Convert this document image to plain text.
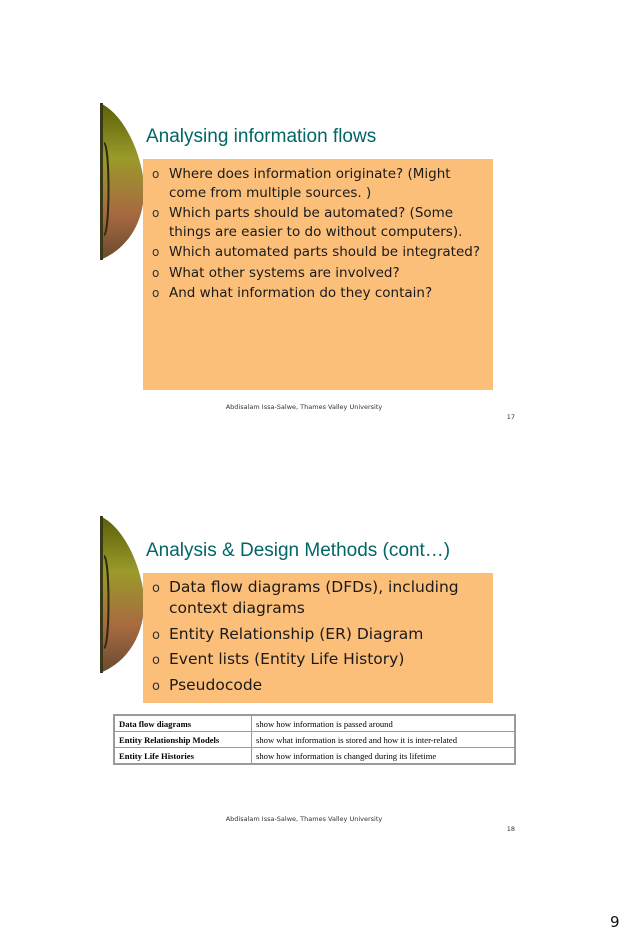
Analysing information flows
o Where does information originate? (Might come from multiple sources. )
o Which parts should be automated? (Some things are easier to do without computers).
o Which automated parts should be integrated?
o What other systems are involved?
o And what information do they contain?
Abdisalam Issa-Salwe, Thames Valley University
17
Analysis & Design Methods (cont…)
o Data flow diagrams (DFDs), including context diagrams
o Entity Relationship (ER) Diagram
o Event lists (Entity Life History)
o Pseudocode
Data flow diagrams	show how information is passed around
Entity Relationship Models	show what information is stored and how it is inter-related
Entity Life Histories	show how information is changed during its lifetime
Abdisalam Issa-Salwe, Thames Valley University
18
9
